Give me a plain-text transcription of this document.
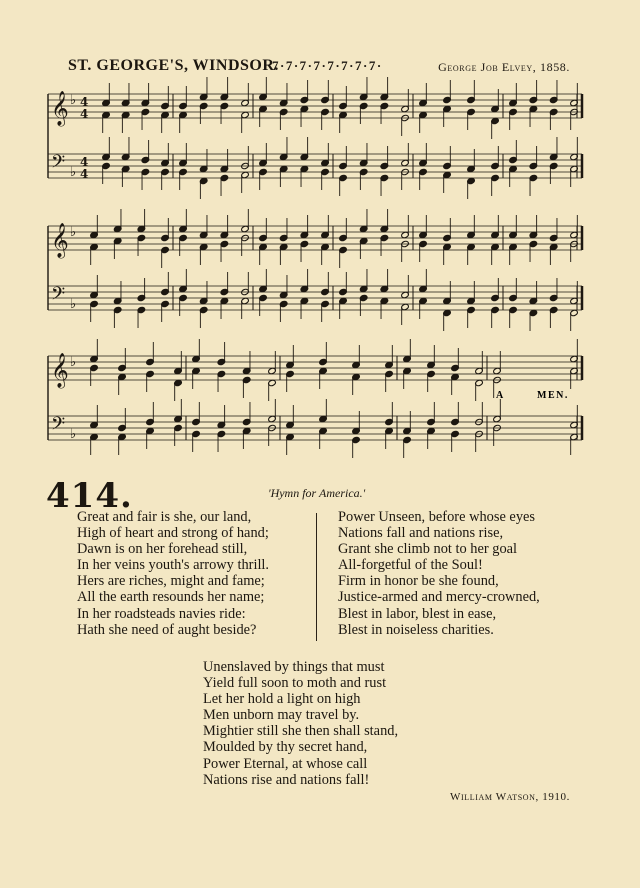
ST. GEORGE'S, WINDSOR.
7·7·7·7·7·7·7·7·	George Job Elvey, 1858.
𝄞 ♭ 4
4
𝄢 ♭
4
4
𝄞 ♭
𝄢 ♭
𝄞 ♭
𝄢 ♭
A	MEN.
414.	'Hymn for America.'
Great and fair is she, our land,
High of heart and strong of hand;
Dawn is on her forehead still,
In her veins youth's arrowy thrill.
Hers are riches, might and fame;
All the earth resounds her name;
In her roadsteads navies ride:
Hath she need of aught beside?
Power Unseen, before whose eyes
Nations fall and nations rise,
Grant she climb not to her goal
All-forgetful of the Soul!
Firm in honor be she found,
Justice-armed and mercy-crowned,
Blest in labor, blest in ease,
Blest in noiseless charities.
Unenslaved by things that must
Yield full soon to moth and rust
Let her hold a light on high
Men unborn may travel by.
Mightier still she then shall stand,
Moulded by thy secret hand,
Power Eternal, at whose call
Nations rise and nations fall!
William Watson, 1910.
